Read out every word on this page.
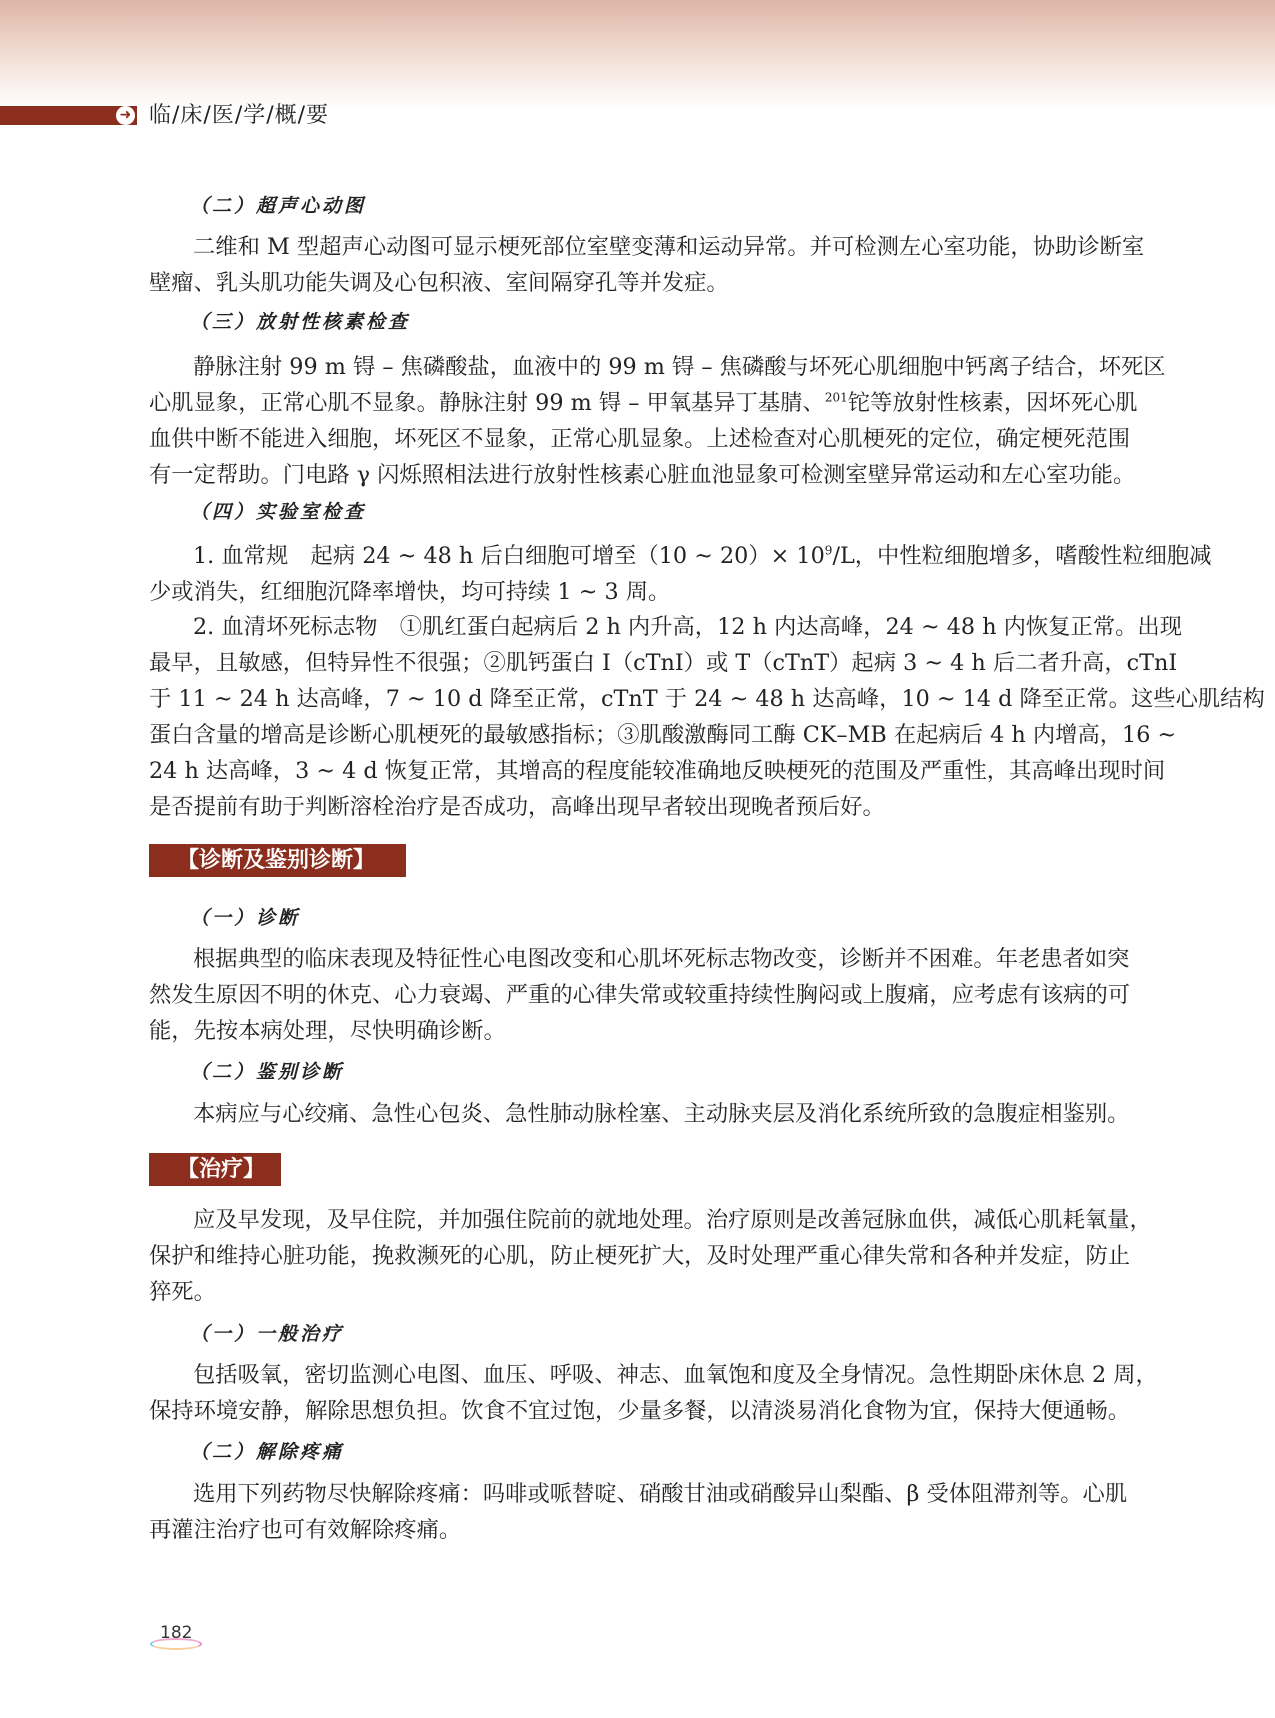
➜ 临/床/医/学/概/要
（二）超声心动图
二维和 M 型超声心动图可显示梗死部位室壁变薄和运动异常。并可检测左心室功能，协助诊断室
壁瘤、乳头肌功能失调及心包积液、室间隔穿孔等并发症。
（三）放射性核素检查
静脉注射 99 m 锝 – 焦磷酸盐，血液中的 99 m 锝 – 焦磷酸与坏死心肌细胞中钙离子结合，坏死区
心肌显象，正常心肌不显象。静脉注射 99 m 锝 – 甲氧基异丁基腈、$^{201}$铊等放射性核素，因坏死心肌
血供中断不能进入细胞，坏死区不显象，正常心肌显象。上述检查对心肌梗死的定位，确定梗死范围
有一定帮助。门电路 γ 闪烁照相法进行放射性核素心脏血池显象可检测室壁异常运动和左心室功能。
（四）实验室检查
1. 血常规　起病 24 ~ 48 h 后白细胞可增至（10 ~ $20)\times 10^9/L$，中性粒细胞增多，嗜酸性粒细胞减
少或消失，红细胞沉降率增快，均可持续 1 ~ 3 周。
2. 血清坏死标志物　①肌红蛋白起病后 2 h 内升高，12 h 内达高峰，24 ~ 48 h 内恢复正常。出现
最早，且敏感，但特异性不很强；②肌钙蛋白 I（cTnI）或 T（cTnT）起病 3 ~ 4 h 后二者升高，cTnI
于 11 ~ 24 h 达高峰，7 ~ 10 d 降至正常，cTnT 于 24 ~ 48 h 达高峰，10 ~ 14 d 降至正常。这些心肌结构
蛋白含量的增高是诊断心肌梗死的最敏感指标；③肌酸激酶同工酶 CK–MB 在起病后 4 h 内增高，16 ~
24 h 达高峰，3 ~ 4 d 恢复正常，其增高的程度能较准确地反映梗死的范围及严重性，其高峰出现时间
是否提前有助于判断溶栓治疗是否成功，高峰出现早者较出现晚者预后好。
【诊断及鉴别诊断】
（一）诊断
根据典型的临床表现及特征性心电图改变和心肌坏死标志物改变，诊断并不困难。年老患者如突
然发生原因不明的休克、心力衰竭、严重的心律失常或较重持续性胸闷或上腹痛，应考虑有该病的可
能，先按本病处理，尽快明确诊断。
（二）鉴别诊断
本病应与心绞痛、急性心包炎、急性肺动脉栓塞、主动脉夹层及消化系统所致的急腹症相鉴别。
【治疗】
应及早发现，及早住院，并加强住院前的就地处理。治疗原则是改善冠脉血供，减低心肌耗氧量，
保护和维持心脏功能，挽救濒死的心肌，防止梗死扩大，及时处理严重心律失常和各种并发症，防止
猝死。
（一）一般治疗
包括吸氧，密切监测心电图、血压、呼吸、神志、血氧饱和度及全身情况。急性期卧床休息 2 周，
保持环境安静，解除思想负担。饮食不宜过饱，少量多餐，以清淡易消化食物为宜，保持大便通畅。
（二）解除疼痛
选用下列药物尽快解除疼痛：吗啡或哌替啶、硝酸甘油或硝酸异山梨酯、β 受体阻滞剂等。心肌
再灌注治疗也可有效解除疼痛。
182
